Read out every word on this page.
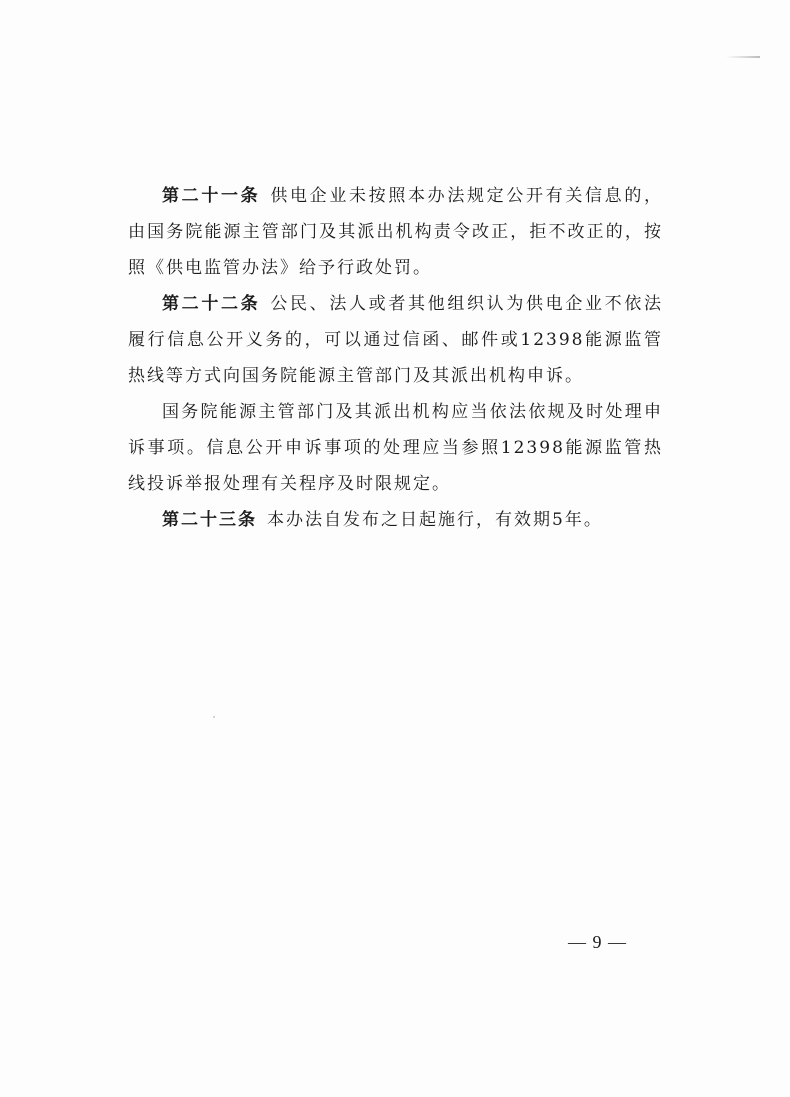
第二十一条 供电企业未按照本办法规定公开有关信息的，由国务院能源主管部门及其派出机构责令改正，拒不改正的，按照《供电监管办法》给予行政处罚。

第二十二条 公民、法人或者其他组织认为供电企业不依法履行信息公开义务的，可以通过信函、邮件或12398能源监管热线等方式向国务院能源主管部门及其派出机构申诉。

国务院能源主管部门及其派出机构应当依法依规及时处理申诉事项。信息公开申诉事项的处理应当参照12398能源监管热线投诉举报处理有关程序及时限规定。

第二十三条 本办法自发布之日起施行，有效期5年。

— 9 —
